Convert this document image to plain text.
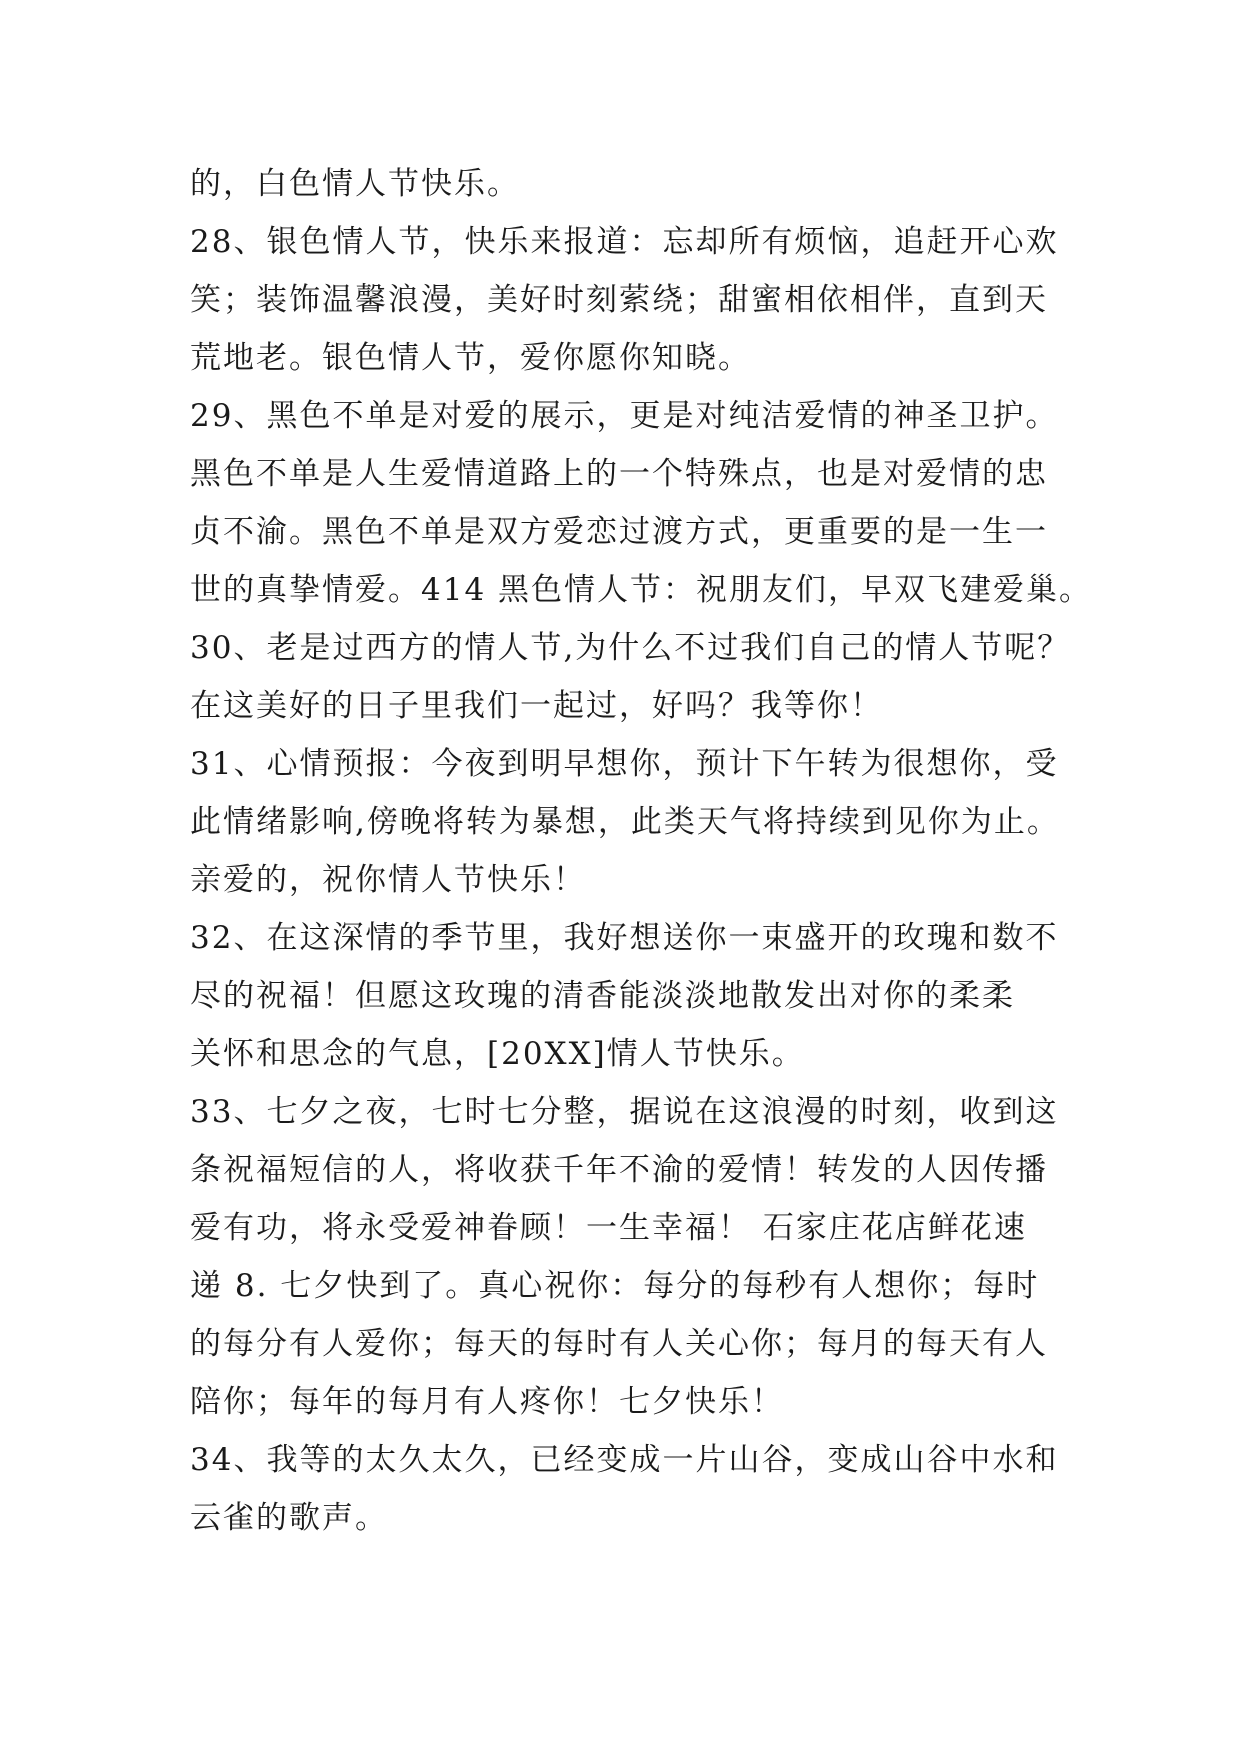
的，白色情人节快乐。
28、银色情人节，快乐来报道：忘却所有烦恼，追赶开心欢
笑；装饰温馨浪漫，美好时刻萦绕；甜蜜相依相伴，直到天
荒地老。银色情人节，爱你愿你知晓。
29、黑色不单是对爱的展示，更是对纯洁爱情的神圣卫护。
黑色不单是人生爱情道路上的一个特殊点，也是对爱情的忠
贞不渝。黑色不单是双方爱恋过渡方式，更重要的是一生一
世的真挚情爱。414 黑色情人节：祝朋友们，早双飞建爱巢。
30、老是过西方的情人节,为什么不过我们自己的情人节呢？
在这美好的日子里我们一起过，好吗？我等你！
31、心情预报：今夜到明早想你，预计下午转为很想你，受
此情绪影响,傍晚将转为暴想，此类天气将持续到见你为止。
亲爱的，祝你情人节快乐！
32、在这深情的季节里，我好想送你一束盛开的玫瑰和数不
尽的祝福！但愿这玫瑰的清香能淡淡地散发出对你的柔柔
关怀和思念的气息，[20XX]情人节快乐。
33、七夕之夜，七时七分整，据说在这浪漫的时刻，收到这
条祝福短信的人，将收获千年不渝的爱情！转发的人因传播
爱有功，将永受爱神眷顾！一生幸福！ 石家庄花店鲜花速
递 8. 七夕快到了。真心祝你：每分的每秒有人想你；每时
的每分有人爱你；每天的每时有人关心你；每月的每天有人
陪你；每年的每月有人疼你！七夕快乐！
34、我等的太久太久，已经变成一片山谷，变成山谷中水和
云雀的歌声。
